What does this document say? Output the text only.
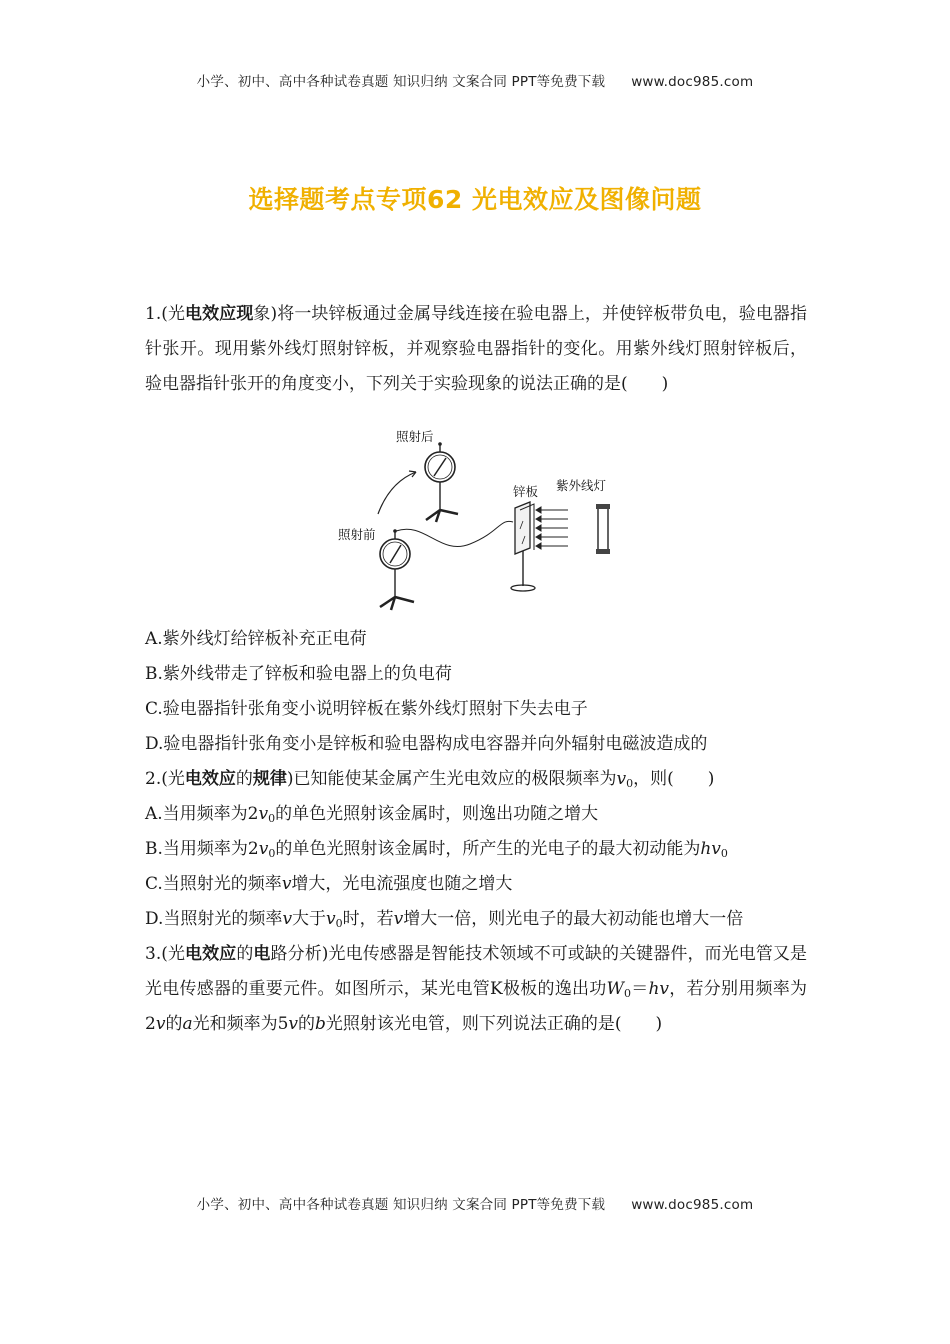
小学、初中、高中各种试卷真题 知识归纳 文案合同 PPT等免费下载 www.doc985.com
选择题考点专项62 光电效应及图像问题

1.(光电效应现象)将一块锌板通过金属导线连接在验电器上，并使锌板带负电，验电器指针张开。现用紫外线灯照射锌板，并观察验电器指针的变化。用紫外线灯照射锌板后，验电器指针张开的角度变小，下列关于实验现象的说法正确的是(　　)

照射后
照射前
锌板 紫外线灯

A.紫外线灯给锌板补充正电荷

B.紫外线带走了锌板和验电器上的负电荷

C.验电器指针张角变小说明锌板在紫外线灯照射下失去电子

D.验电器指针张角变小是锌板和验电器构成电容器并向外辐射电磁波造成的

2.(光电效应的规律)已知能使某金属产生光电效应的极限频率为$v_0$，则(　　)

A.当用频率为$2v_0$的单色光照射该金属时，则逸出功随之增大

B.当用频率为$2v_0$的单色光照射该金属时，所产生的光电子的最大初动能为$hv_0$

C.当照射光的频率v增大，光电流强度也随之增大

D.当照射光的频率v大于$v_0$时，若v增大一倍，则光电子的最大初动能也增大一倍

3.(光电效应的电路分析)光电传感器是智能技术领域不可或缺的关键器件，而光电管又是光电传感器的重要元件。如图所示，某光电管K极板的逸出功$W_0=hv$，若分别用频率为2v的a光和频率为5v的b光照射该光电管，则下列说法正确的是(　　)

小学、初中、高中各种试卷真题 知识归纳 文案合同 PPT等免费下载 www.doc985.com
